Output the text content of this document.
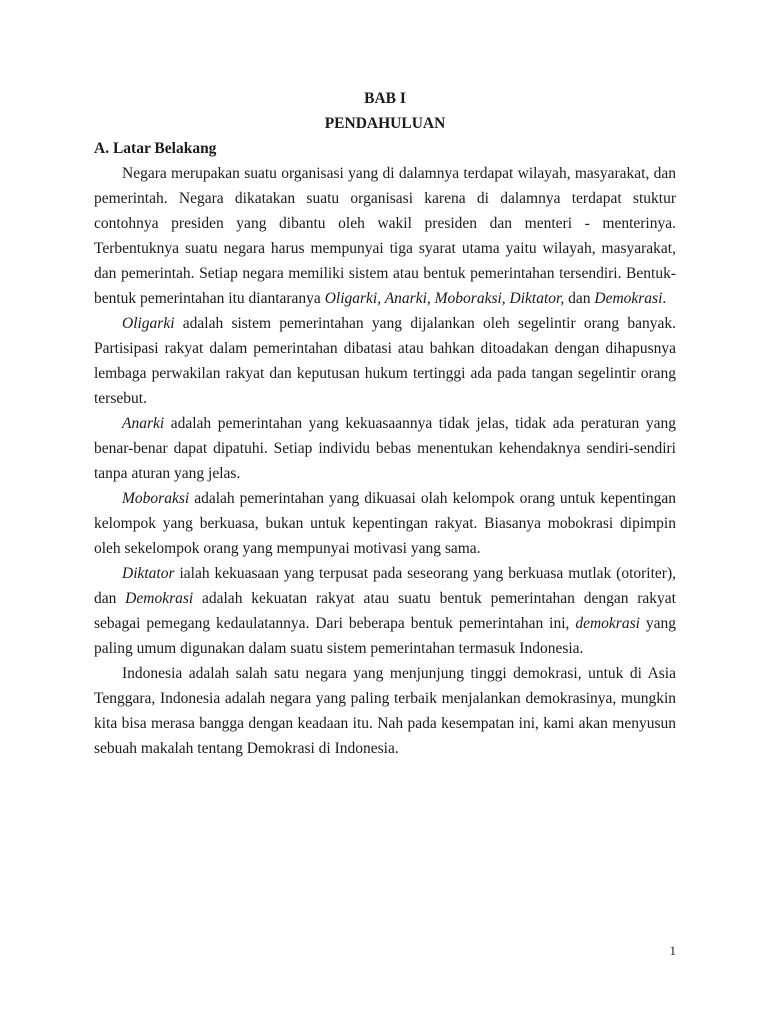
BAB I
PENDAHULUAN
A. Latar Belakang

Negara merupakan suatu organisasi yang di dalamnya terdapat wilayah, masyarakat, dan pemerintah. Negara dikatakan suatu organisasi karena di dalamnya terdapat stuktur contohnya presiden yang dibantu oleh wakil presiden dan menteri - menterinya. Terbentuknya suatu negara harus mempunyai tiga syarat utama yaitu wilayah, masyarakat, dan pemerintah. Setiap negara memiliki sistem atau bentuk pemerintahan tersendiri. Bentuk-bentuk pemerintahan itu diantaranya Oligarki, Anarki, Moboraksi, Diktator, dan Demokrasi.

Oligarki adalah sistem pemerintahan yang dijalankan oleh segelintir orang banyak. Partisipasi rakyat dalam pemerintahan dibatasi atau bahkan ditoadakan dengan dihapusnya lembaga perwakilan rakyat dan keputusan hukum tertinggi ada pada tangan segelintir orang tersebut.

Anarki adalah pemerintahan yang kekuasaannya tidak jelas, tidak ada peraturan yang benar-benar dapat dipatuhi. Setiap individu bebas menentukan kehendaknya sendiri-sendiri tanpa aturan yang jelas.

Moboraksi adalah pemerintahan yang dikuasai olah kelompok orang untuk kepentingan kelompok yang berkuasa, bukan untuk kepentingan rakyat. Biasanya mobokrasi dipimpin oleh sekelompok orang yang mempunyai motivasi yang sama.

Diktator ialah kekuasaan yang terpusat pada seseorang yang berkuasa mutlak (otoriter), dan Demokrasi adalah kekuatan rakyat atau suatu bentuk pemerintahan dengan rakyat sebagai pemegang kedaulatannya. Dari beberapa bentuk pemerintahan ini, demokrasi yang paling umum digunakan dalam suatu sistem pemerintahan termasuk Indonesia.

Indonesia adalah salah satu negara yang menjunjung tinggi demokrasi, untuk di Asia Tenggara, Indonesia adalah negara yang paling terbaik menjalankan demokrasinya, mungkin kita bisa merasa bangga dengan keadaan itu. Nah pada kesempatan ini, kami akan menyusun sebuah makalah tentang Demokrasi di Indonesia.

1
